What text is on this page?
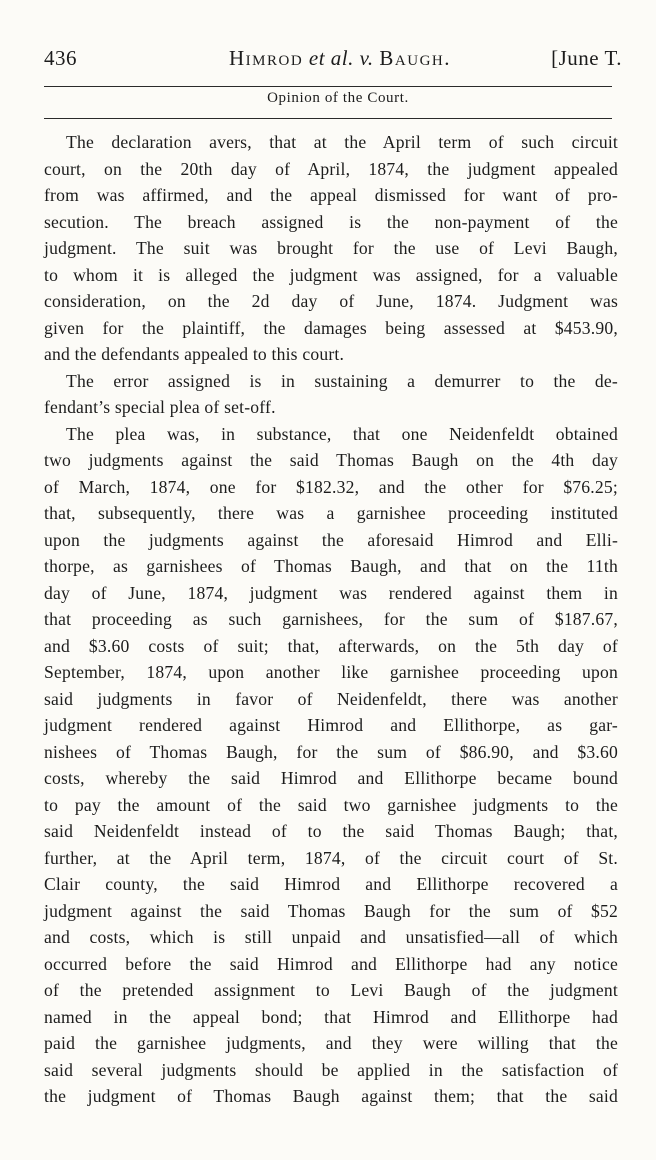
436	Himrod et al. v. Baugh.	[June T.
Opinion of the Court.
The declaration avers, that at the April term of such circuit
court, on the 20th day of April, 1874, the judgment appealed
from was affirmed, and the appeal dismissed for want of pro-
secution. The breach assigned is the non-payment of the
judgment. The suit was brought for the use of Levi Baugh,
to whom it is alleged the judgment was assigned, for a valuable
consideration, on the 2d day of June, 1874. Judgment was
given for the plaintiff, the damages being assessed at $453.90,
and the defendants appealed to this court.
The error assigned is in sustaining a demurrer to the de-
fendant’s special plea of set-off.
The plea was, in substance, that one Neidenfeldt obtained
two judgments against the said Thomas Baugh on the 4th day
of March, 1874, one for $182.32, and the other for $76.25;
that, subsequently, there was a garnishee proceeding instituted
upon the judgments against the aforesaid Himrod and Elli-
thorpe, as garnishees of Thomas Baugh, and that on the 11th
day of June, 1874, judgment was rendered against them in
that proceeding as such garnishees, for the sum of $187.67,
and $3.60 costs of suit; that, afterwards, on the 5th day of
September, 1874, upon another like garnishee proceeding upon
said judgments in favor of Neidenfeldt, there was another
judgment rendered against Himrod and Ellithorpe, as gar-
nishees of Thomas Baugh, for the sum of $86.90, and $3.60
costs, whereby the said Himrod and Ellithorpe became bound
to pay the amount of the said two garnishee judgments to the
said Neidenfeldt instead of to the said Thomas Baugh; that,
further, at the April term, 1874, of the circuit court of St.
Clair county, the said Himrod and Ellithorpe recovered a
judgment against the said Thomas Baugh for the sum of $52
and costs, which is still unpaid and unsatisfied—all of which
occurred before the said Himrod and Ellithorpe had any notice
of the pretended assignment to Levi Baugh of the judgment
named in the appeal bond; that Himrod and Ellithorpe had
paid the garnishee judgments, and they were willing that the
said several judgments should be applied in the satisfaction of
the judgment of Thomas Baugh against them; that the said
